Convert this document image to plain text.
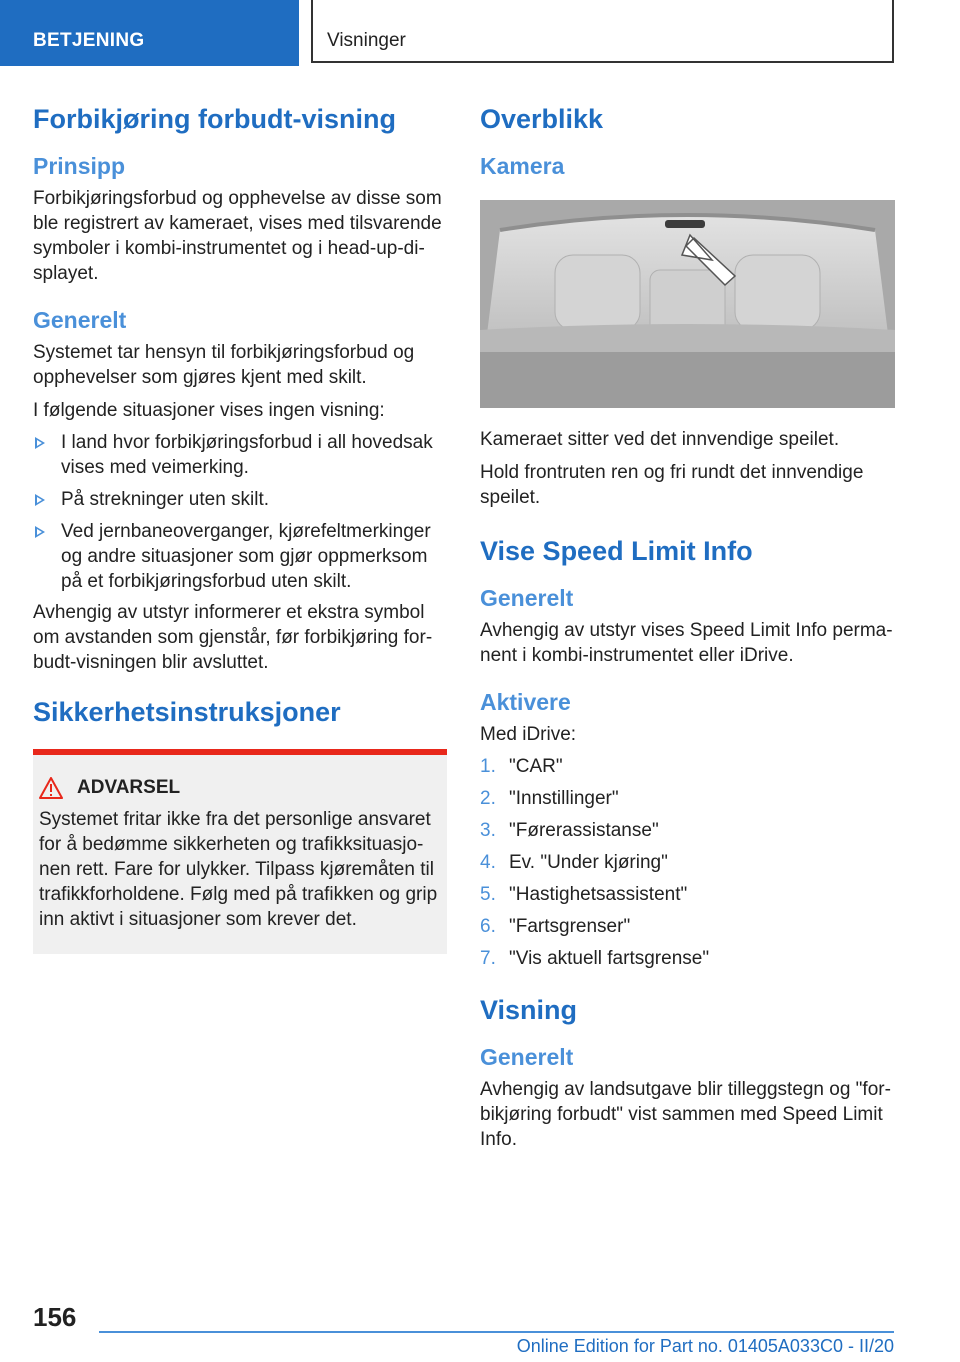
BETJENING	Visninger
Forbikjøring forbudt-visning
Prinsipp

Forbikjøringsforbud og opphevelse av disse som ble registrert av kameraet, vises med tilsvarende symboler i kombi-instrumentet og i head-up-di-splayet.

Generelt

Systemet tar hensyn til forbikjøringsforbud og opphevelser som gjøres kjent med skilt.

I følgende situasjoner vises ingen visning:

I land hvor forbikjøringsforbud i all hovedsak vises med veimerking.
På strekninger uten skilt.
Ved jernbaneoverganger, kjørefeltmerkinger og andre situasjoner som gjør oppmerksom på et forbikjøringsforbud uten skilt.

Avhengig av utstyr informerer et ekstra symbol om avstanden som gjenstår, før forbikjøring for-budt-visningen blir avsluttet.

Sikkerhetsinstruksjoner
ADVARSEL

Systemet fritar ikke fra det personlige ansvaret for å bedømme sikkerheten og trafikksituasjo-nen rett. Fare for ulykker. Tilpass kjøremåten til trafikkforholdene. Følg med på trafikken og grip inn aktivt i situasjoner som krever det.

Overblikk
Kamera

Kameraet sitter ved det innvendige speilet.

Hold frontruten ren og fri rundt det innvendige speilet.

Vise Speed Limit Info
Generelt

Avhengig av utstyr vises Speed Limit Info perma-nent i kombi-instrumentet eller iDrive.

Aktivere

Med iDrive:

1. "CAR"
2. "Innstillinger"
3. "Førerassistanse"
4. Ev. "Under kjøring"
5. "Hastighetsassistent"
6. "Fartsgrenser"
7. "Vis aktuell fartsgrense"
Visning
Generelt

Avhengig av landsutgave blir tilleggstegn og "for-bikjøring forbudt" vist sammen med Speed Limit Info.

156
Online Edition for Part no. 01405A033C0 - II/20
